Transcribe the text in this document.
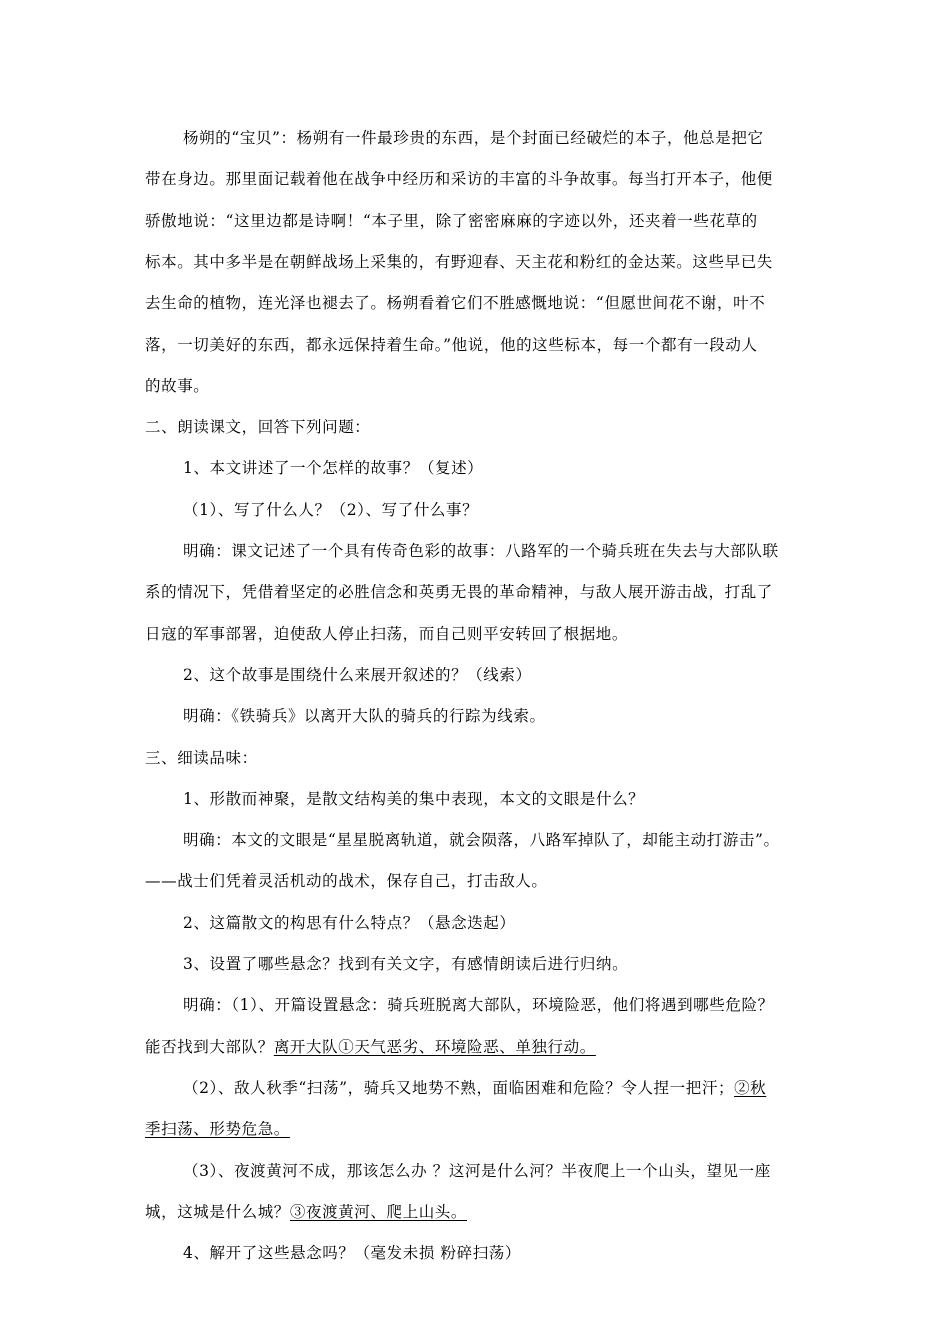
杨朔的“宝贝”：杨朔有一件最珍贵的东西，是个封面已经破烂的本子，他总是把它
带在身边。那里面记载着他在战争中经历和采访的丰富的斗争故事。每当打开本子，他便
骄傲地说：“这里边都是诗啊！“本子里，除了密密麻麻的字迹以外，还夹着一些花草的
标本。其中多半是在朝鲜战场上采集的，有野迎春、天主花和粉红的金达莱。这些早已失
去生命的植物，连光泽也褪去了。杨朔看着它们不胜感慨地说：“但愿世间花不谢，叶不
落，一切美好的东西，都永远保持着生命。”他说，他的这些标本，每一个都有一段动人
的故事。
二、朗读课文，回答下列问题：
1、本文讲述了一个怎样的故事？（复述）
（1）、写了什么人？（2）、写了什么事？
明确：课文记述了一个具有传奇色彩的故事：八路军的一个骑兵班在失去与大部队联
系的情况下，凭借着坚定的必胜信念和英勇无畏的革命精神，与敌人展开游击战，打乱了
日寇的军事部署，迫使敌人停止扫荡，而自己则平安转回了根据地。
2、这个故事是围绕什么来展开叙述的？（线索）
明确：《铁骑兵》以离开大队的骑兵的行踪为线索。
三、细读品味：
1、形散而神聚，是散文结构美的集中表现，本文的文眼是什么？
明确：本文的文眼是“星星脱离轨道，就会陨落，八路军掉队了，却能主动打游击”。
——战士们凭着灵活机动的战术，保存自己，打击敌人。
2、这篇散文的构思有什么特点？（悬念迭起）
3、设置了哪些悬念？找到有关文字，有感情朗读后进行归纳。
明确：（1）、开篇设置悬念：骑兵班脱离大部队，环境险恶，他们将遇到哪些危险？
能否找到大部队？离开大队①天气恶劣、环境险恶、单独行动。
（2）、敌人秋季“扫荡”，骑兵又地势不熟，面临困难和危险？令人捏一把汗；②秋
季扫荡、形势危急。
（3）、夜渡黄河不成，那该怎么办 ？这河是什么河？半夜爬上一个山头，望见一座
城，这城是什么城？③夜渡黄河、爬上山头。
4、解开了这些悬念吗？（毫发未损 粉碎扫荡）
